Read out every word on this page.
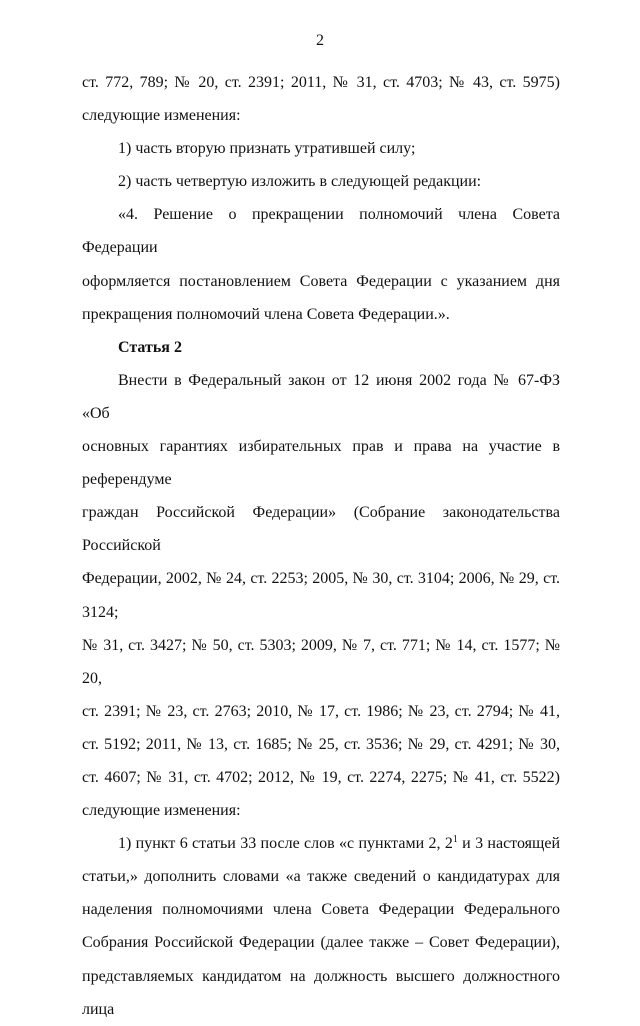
2

ст. 772, 789; № 20, ст. 2391; 2011, № 31, ст. 4703; № 43, ст. 5975)

следующие изменения:

1) часть вторую признать утратившей силу;

2) часть четвертую изложить в следующей редакции:

«4. Решение о прекращении полномочий члена Совета Федерации

оформляется постановлением Совета Федерации с указанием дня

прекращения полномочий члена Совета Федерации.».

Статья 2

Внести в Федеральный закон от 12 июня 2002 года № 67-ФЗ «Об

основных гарантиях избирательных прав и права на участие в референдуме

граждан Российской Федерации» (Собрание законодательства Российской

Федерации, 2002, № 24, ст. 2253; 2005, № 30, ст. 3104; 2006, № 29, ст. 3124;

№ 31, ст. 3427; № 50, ст. 5303; 2009, № 7, ст. 771; № 14, ст. 1577; № 20,

ст. 2391; № 23, ст. 2763; 2010, № 17, ст. 1986; № 23, ст. 2794; № 41,

ст. 5192; 2011, № 13, ст. 1685; № 25, ст. 3536; № 29, ст. 4291; № 30,

ст. 4607; № 31, ст. 4702; 2012, № 19, ст. 2274, 2275; № 41, ст. 5522)

следующие изменения:

1) пункт 6 статьи 33 после слов «с пунктами 2, $2^1$ и 3 настоящей

статьи,» дополнить словами «а также сведений о кандидатурах для

наделения полномочиями члена Совета Федерации Федерального

Собрания Российской Федерации (далее также – Совет Федерации),

представляемых кандидатом на должность высшего должностного лица
